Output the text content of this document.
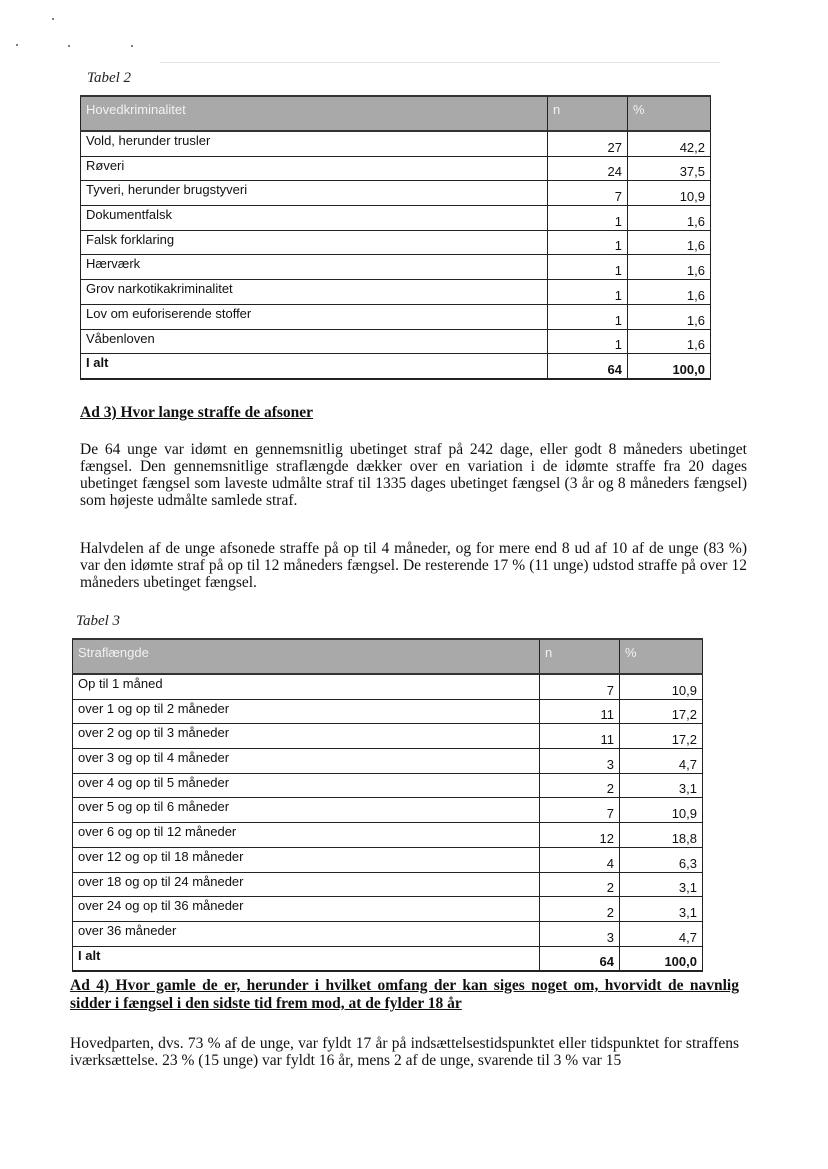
Tabel 2
Hovedkriminalitet	n	%
Vold, herunder trusler	27	42,2
Røveri	24	37,5
Tyveri, herunder brugstyveri	7	10,9
Dokumentfalsk	1	1,6
Falsk forklaring	1	1,6
Hærværk	1	1,6
Grov narkotikakriminalitet	1	1,6
Lov om euforiserende stoffer	1	1,6
Våbenloven	1	1,6
I alt	64	100,0
Ad 3) Hvor lange straffe de afsoner

De 64 unge var idømt en gennemsnitlig ubetinget straf på 242 dage, eller godt 8 måneders ubetinget fængsel. Den gennemsnitlige straflængde dækker over en variation i de idømte straffe fra 20 dages ubetinget fængsel som laveste udmålte straf til 1335 dages ubetinget fængsel (3 år og 8 måneders fængsel) som højeste udmålte samlede straf.

Halvdelen af de unge afsonede straffe på op til 4 måneder, og for mere end 8 ud af 10 af de unge (83 %) var den idømte straf på op til 12 måneders fængsel. De resterende 17 % (11 unge) udstod straffe på over 12 måneders ubetinget fængsel.

Tabel 3
Straflængde	n	%
Op til 1 måned	7	10,9
over 1 og op til 2 måneder	11	17,2
over 2 og op til 3 måneder	11	17,2
over 3 og op til 4 måneder	3	4,7
over 4 og op til 5 måneder	2	3,1
over 5 og op til 6 måneder	7	10,9
over 6 og op til 12 måneder	12	18,8
over 12 og op til 18 måneder	4	6,3
over 18 og op til 24 måneder	2	3,1
over 24 og op til 36 måneder	2	3,1
over 36 måneder	3	4,7
I alt	64	100,0
Ad 4) Hvor gamle de er, herunder i hvilket omfang der kan siges noget om, hvorvidt de navnlig sidder i fængsel i den sidste tid frem mod, at de fylder 18 år

Hovedparten, dvs. 73 % af de unge, var fyldt 17 år på indsættelsestidspunktet eller tidspunktet for straffens iværksættelse. 23 % (15 unge) var fyldt 16 år, mens 2 af de unge, svarende til 3 % var 15
